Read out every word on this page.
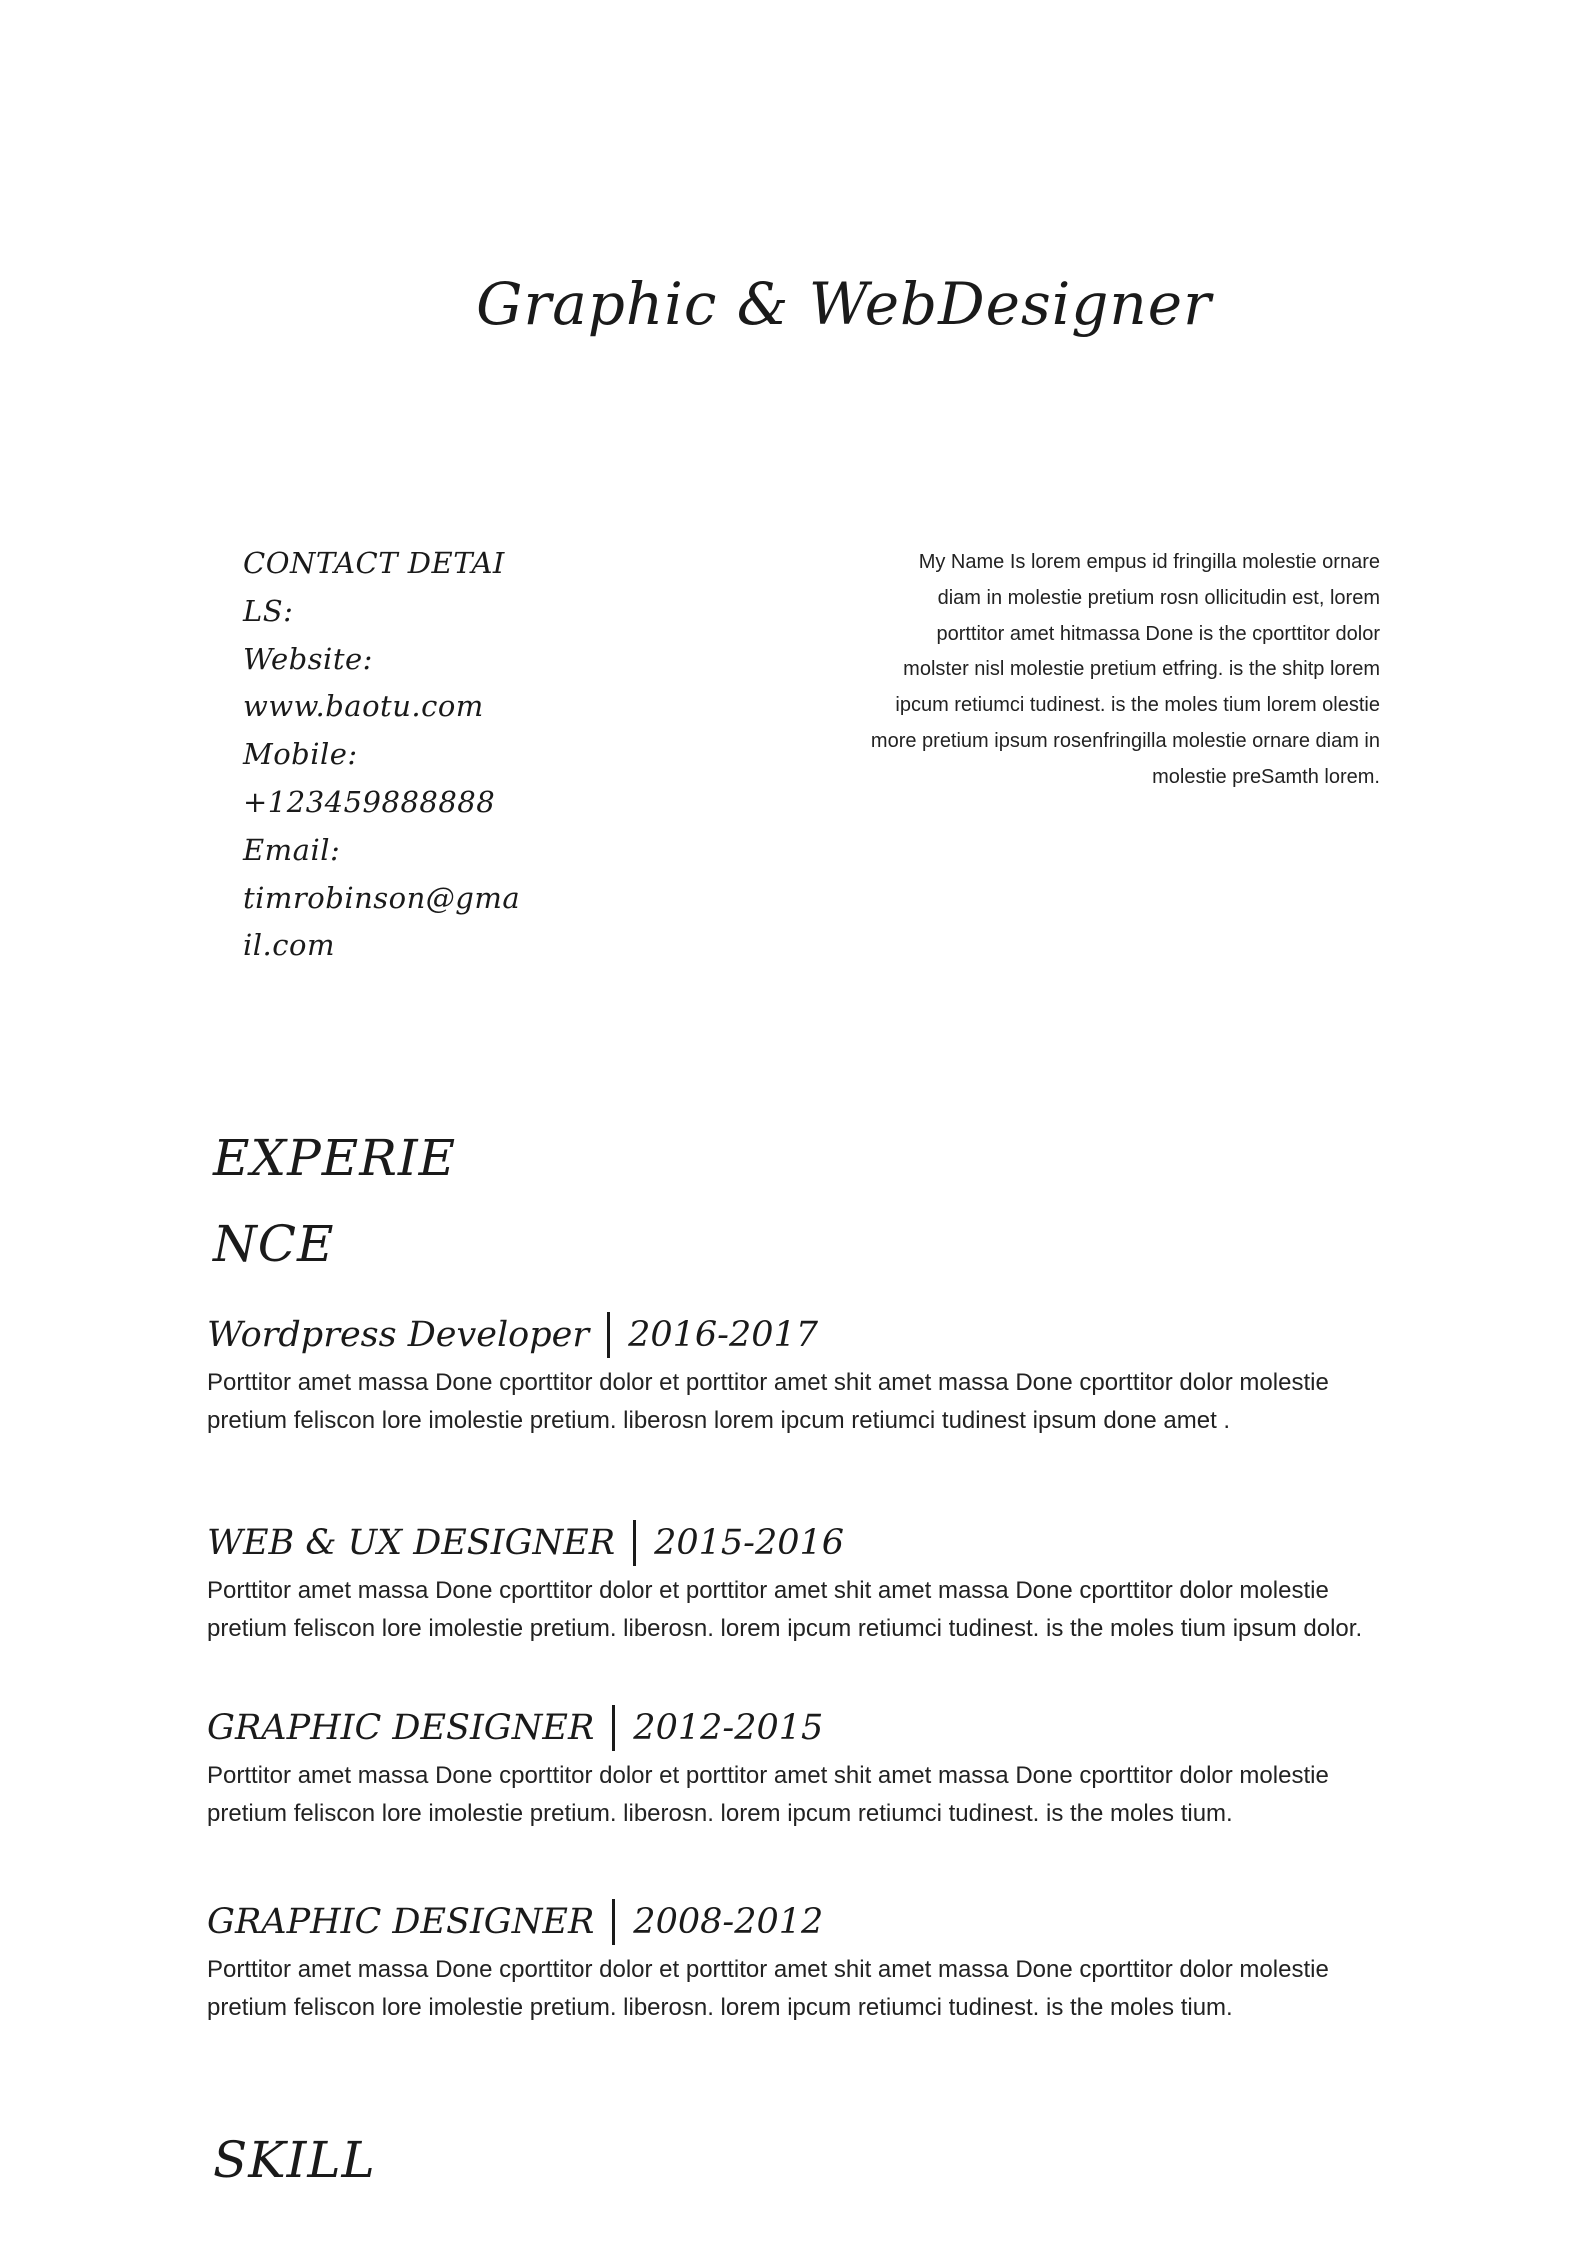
Graphic & WebDesigner
CONTACT DETAILS:
Website:
www.baotu.com
Mobile:
+123459888888
Email:
timrobinson@gmail.com
My Name Is lorem empus id fringilla molestie ornare diam in molestie pretium rosn ollicitudin est, lorem porttitor amet hitmassa Done is the cporttitor dolor molster nisl molestie pretium etfring. is the shitp lorem ipcum retiumci tudinest. is the moles tium lorem olestie more pretium ipsum rosenfringilla molestie ornare diam in molestie preSamth lorem.
EXPERIENCE
Wordpress Developer 2016-2017
Porttitor amet massa Done cporttitor dolor et porttitor amet shit amet massa Done cporttitor dolor molestie pretium feliscon lore imolestie pretium. liberosn lorem ipcum retiumci tudinest ipsum done amet .
WEB & UX DESIGNER 2015-2016
Porttitor amet massa Done cporttitor dolor et porttitor amet shit amet massa Done cporttitor dolor molestie pretium feliscon lore imolestie pretium. liberosn. lorem ipcum retiumci tudinest. is the moles tium ipsum dolor.
GRAPHIC DESIGNER 2012-2015
Porttitor amet massa Done cporttitor dolor et porttitor amet shit amet massa Done cporttitor dolor molestie pretium feliscon lore imolestie pretium. liberosn. lorem ipcum retiumci tudinest. is the moles tium.
GRAPHIC DESIGNER 2008-2012
Porttitor amet massa Done cporttitor dolor et porttitor amet shit amet massa Done cporttitor dolor molestie pretium feliscon lore imolestie pretium. liberosn. lorem ipcum retiumci tudinest. is the moles tium.
SKILL
